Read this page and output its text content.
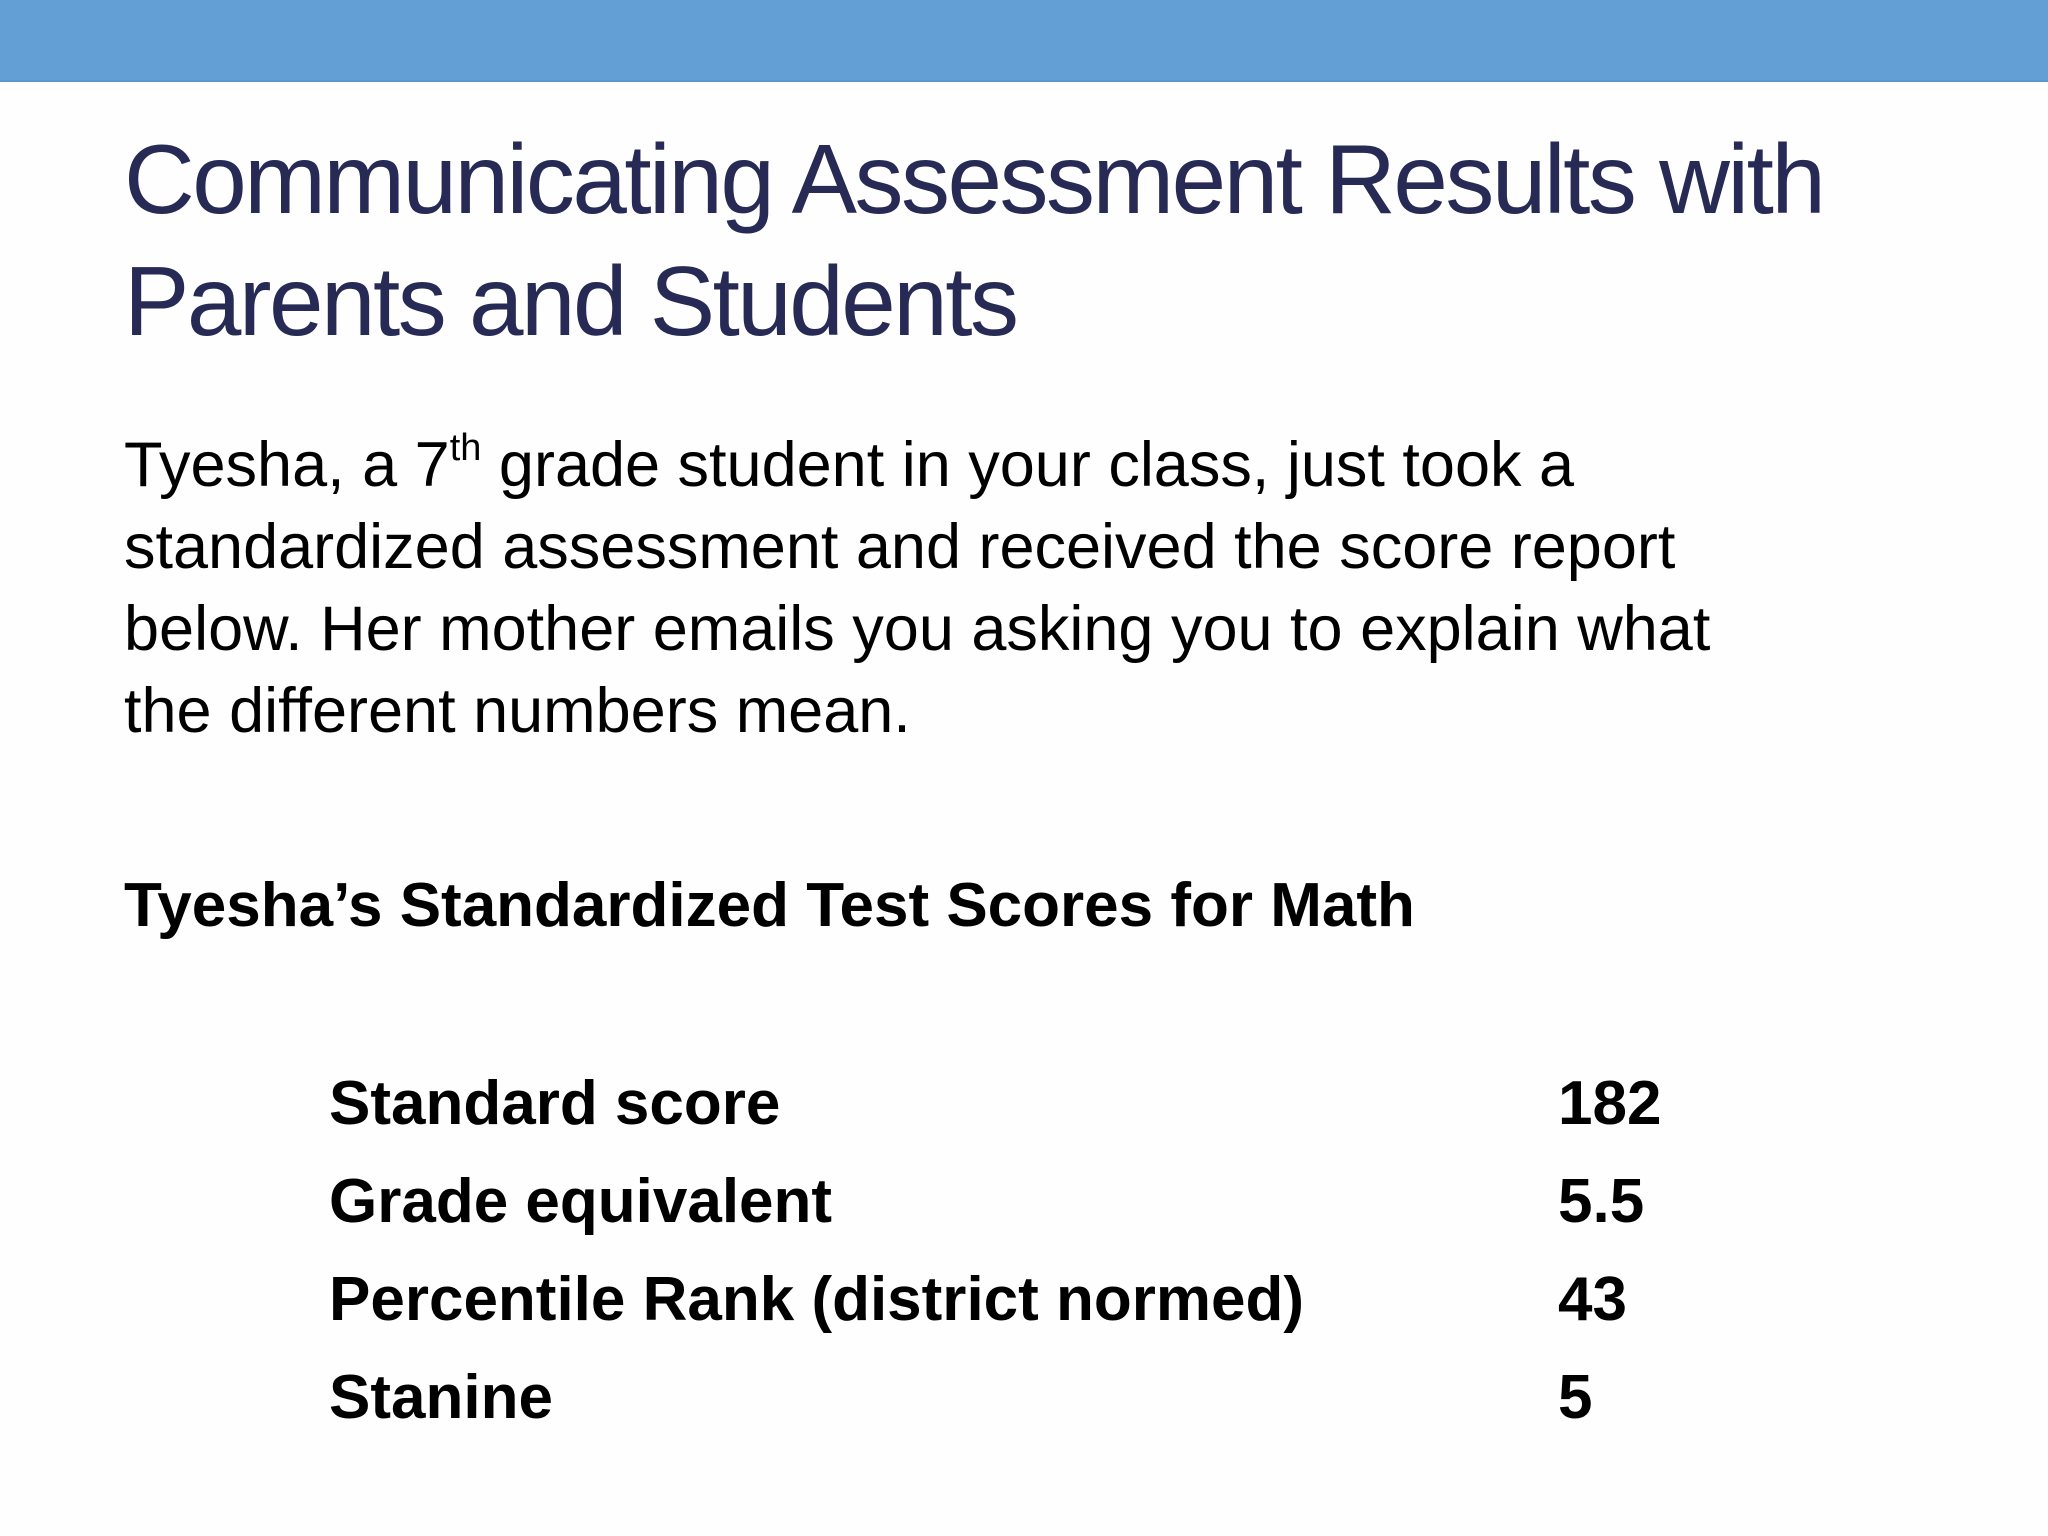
Communicating Assessment Results with
Parents and Students

Tyesha, a 7th grade student in your class, just took a
standardized assessment and received the score report
below. Her mother emails you asking you to explain what
the different numbers mean.

Tyesha’s Standardized Test Scores for Math
Standard score	182
Grade equivalent	5.5
Percentile Rank (district normed)	43
Stanine	5
